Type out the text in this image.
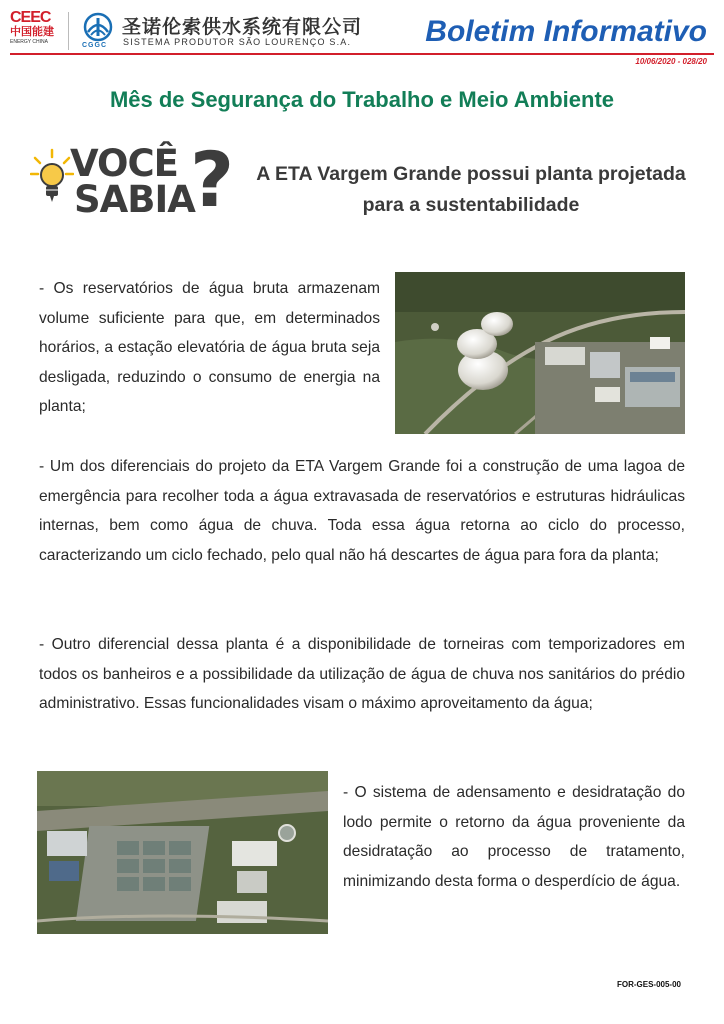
CEEC
中国能建
ENERGY CHINA	CGGC
圣诺伦索供水系统有限公司
SISTEMA PRODUTOR SÃO LOURENÇO S.A.	Boletim Informativo
10/06/2020 - 028/20
Mês de Segurança do Trabalho e Meio Ambiente
VOCÊ
SABIA
?	A ETA Vargem Grande possui planta projetada para a sustentabilidade

- Os reservatórios de água bruta armazenam volume suficiente para que, em determinados horários, a estação elevatória de água bruta seja desligada, reduzindo o consumo de energia na planta;

- Um dos diferenciais do projeto da ETA Vargem Grande foi a construção de uma lagoa de emergência para recolher toda a água extravasada de reservatórios e estruturas hidráulicas internas, bem como água de chuva. Toda essa água retorna ao ciclo do processo, caracterizando um ciclo fechado, pelo qual não há descartes de água para fora da planta;

- Outro diferencial dessa planta é a disponibilidade de torneiras com temporizadores em todos os banheiros e a possibilidade da utilização de água de chuva nos sanitários do prédio administrativo. Essas funcionalidades visam o máximo aproveitamento da água;

- O sistema de adensamento e desidratação do lodo permite o retorno da água proveniente da desidratação ao processo de tratamento, minimizando desta forma o desperdício de água.

FOR-GES-005-00
